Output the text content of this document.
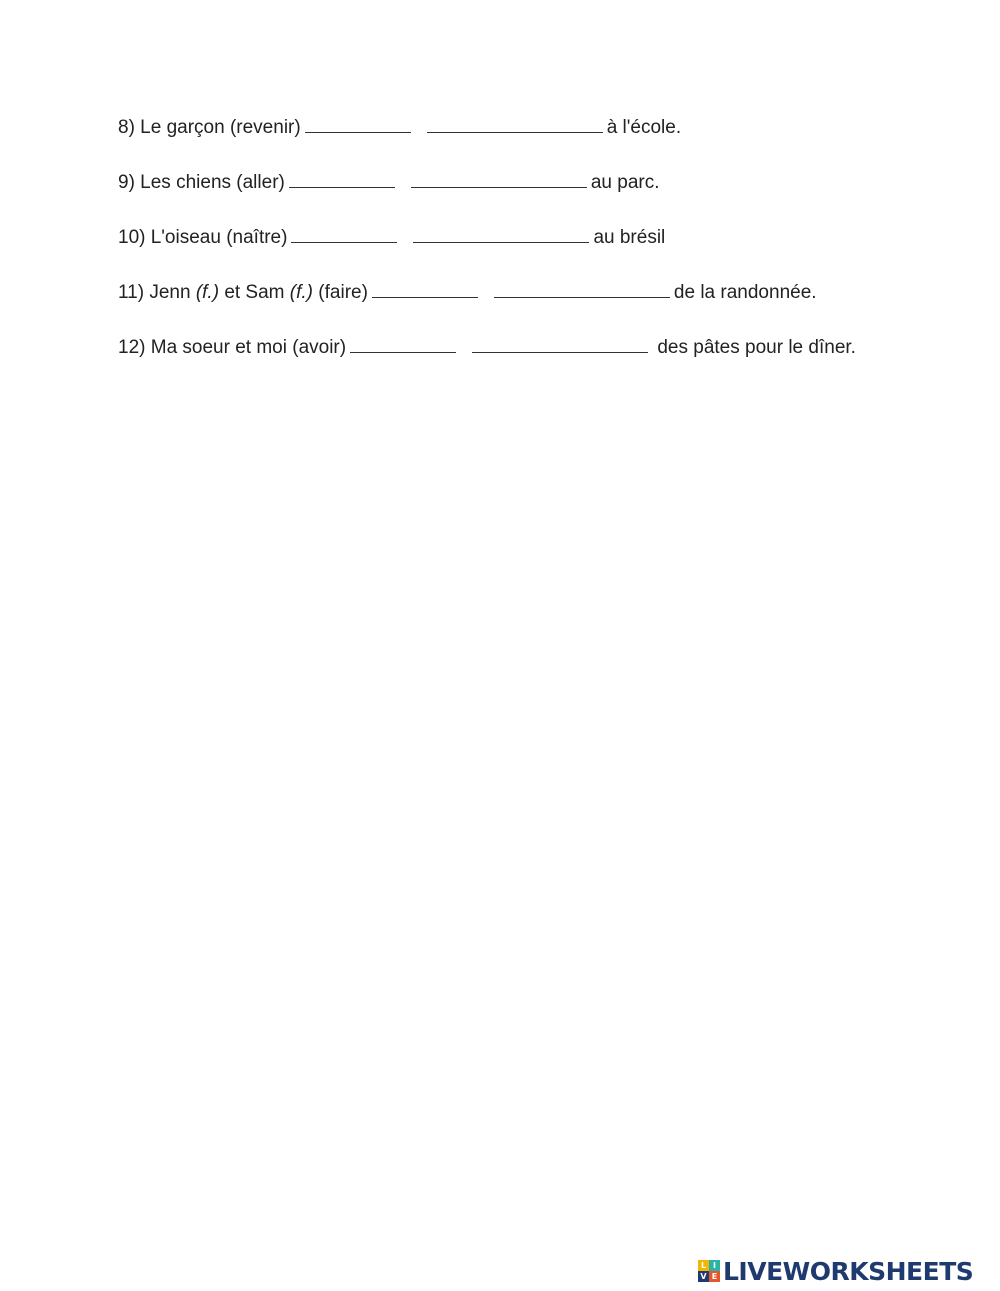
8) Le garçon (revenir)	à l'école.
9) Les chiens (aller)	au parc.
10) L'oiseau (naître)	au brésil
11) Jenn (f.) et Sam (f.) (faire)	de la randonnée.
12) Ma soeur et moi (avoir)	des pâtes pour le dîner.
L I
V E LIVEWORKSHEETS
